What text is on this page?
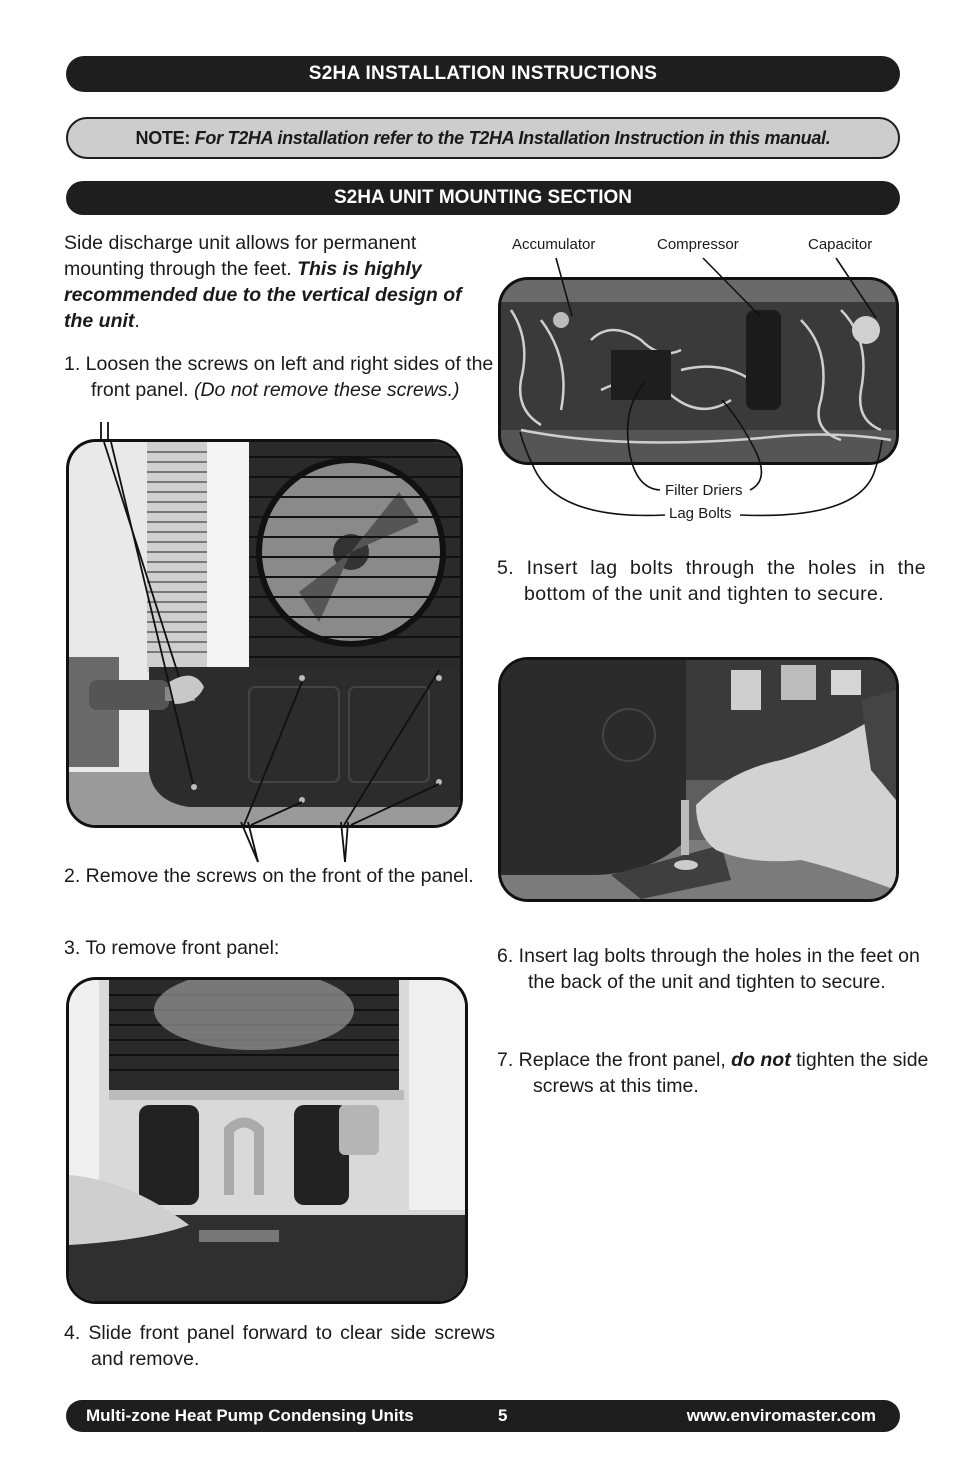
S2HA INSTALLATION INSTRUCTIONS
NOTE: For T2HA installation refer to the T2HA Installation Instruction in this manual.
S2HA UNIT MOUNTING SECTION

Side discharge unit allows for permanent mounting through the feet. This is highly recommended due to the vertical design of the unit.

1. Loosen the screws on left and right sides of the front panel. (Do not remove these screws.)

2. Remove the screws on the front of the panel.

3. To remove front panel:

4. Slide front panel forward to clear side screws and remove.

Accumulator	Compressor	Capacitor
Filter Driers
Lag Bolts

5. Insert lag bolts through the holes in the bottom of the unit and tighten to secure.

6. Insert lag bolts through the holes in the feet on the back of the unit and tighten to secure.

7. Replace the front panel, do not tighten the side screws at this time.

Multi-zone Heat Pump Condensing Units	5	www.enviromaster.com
